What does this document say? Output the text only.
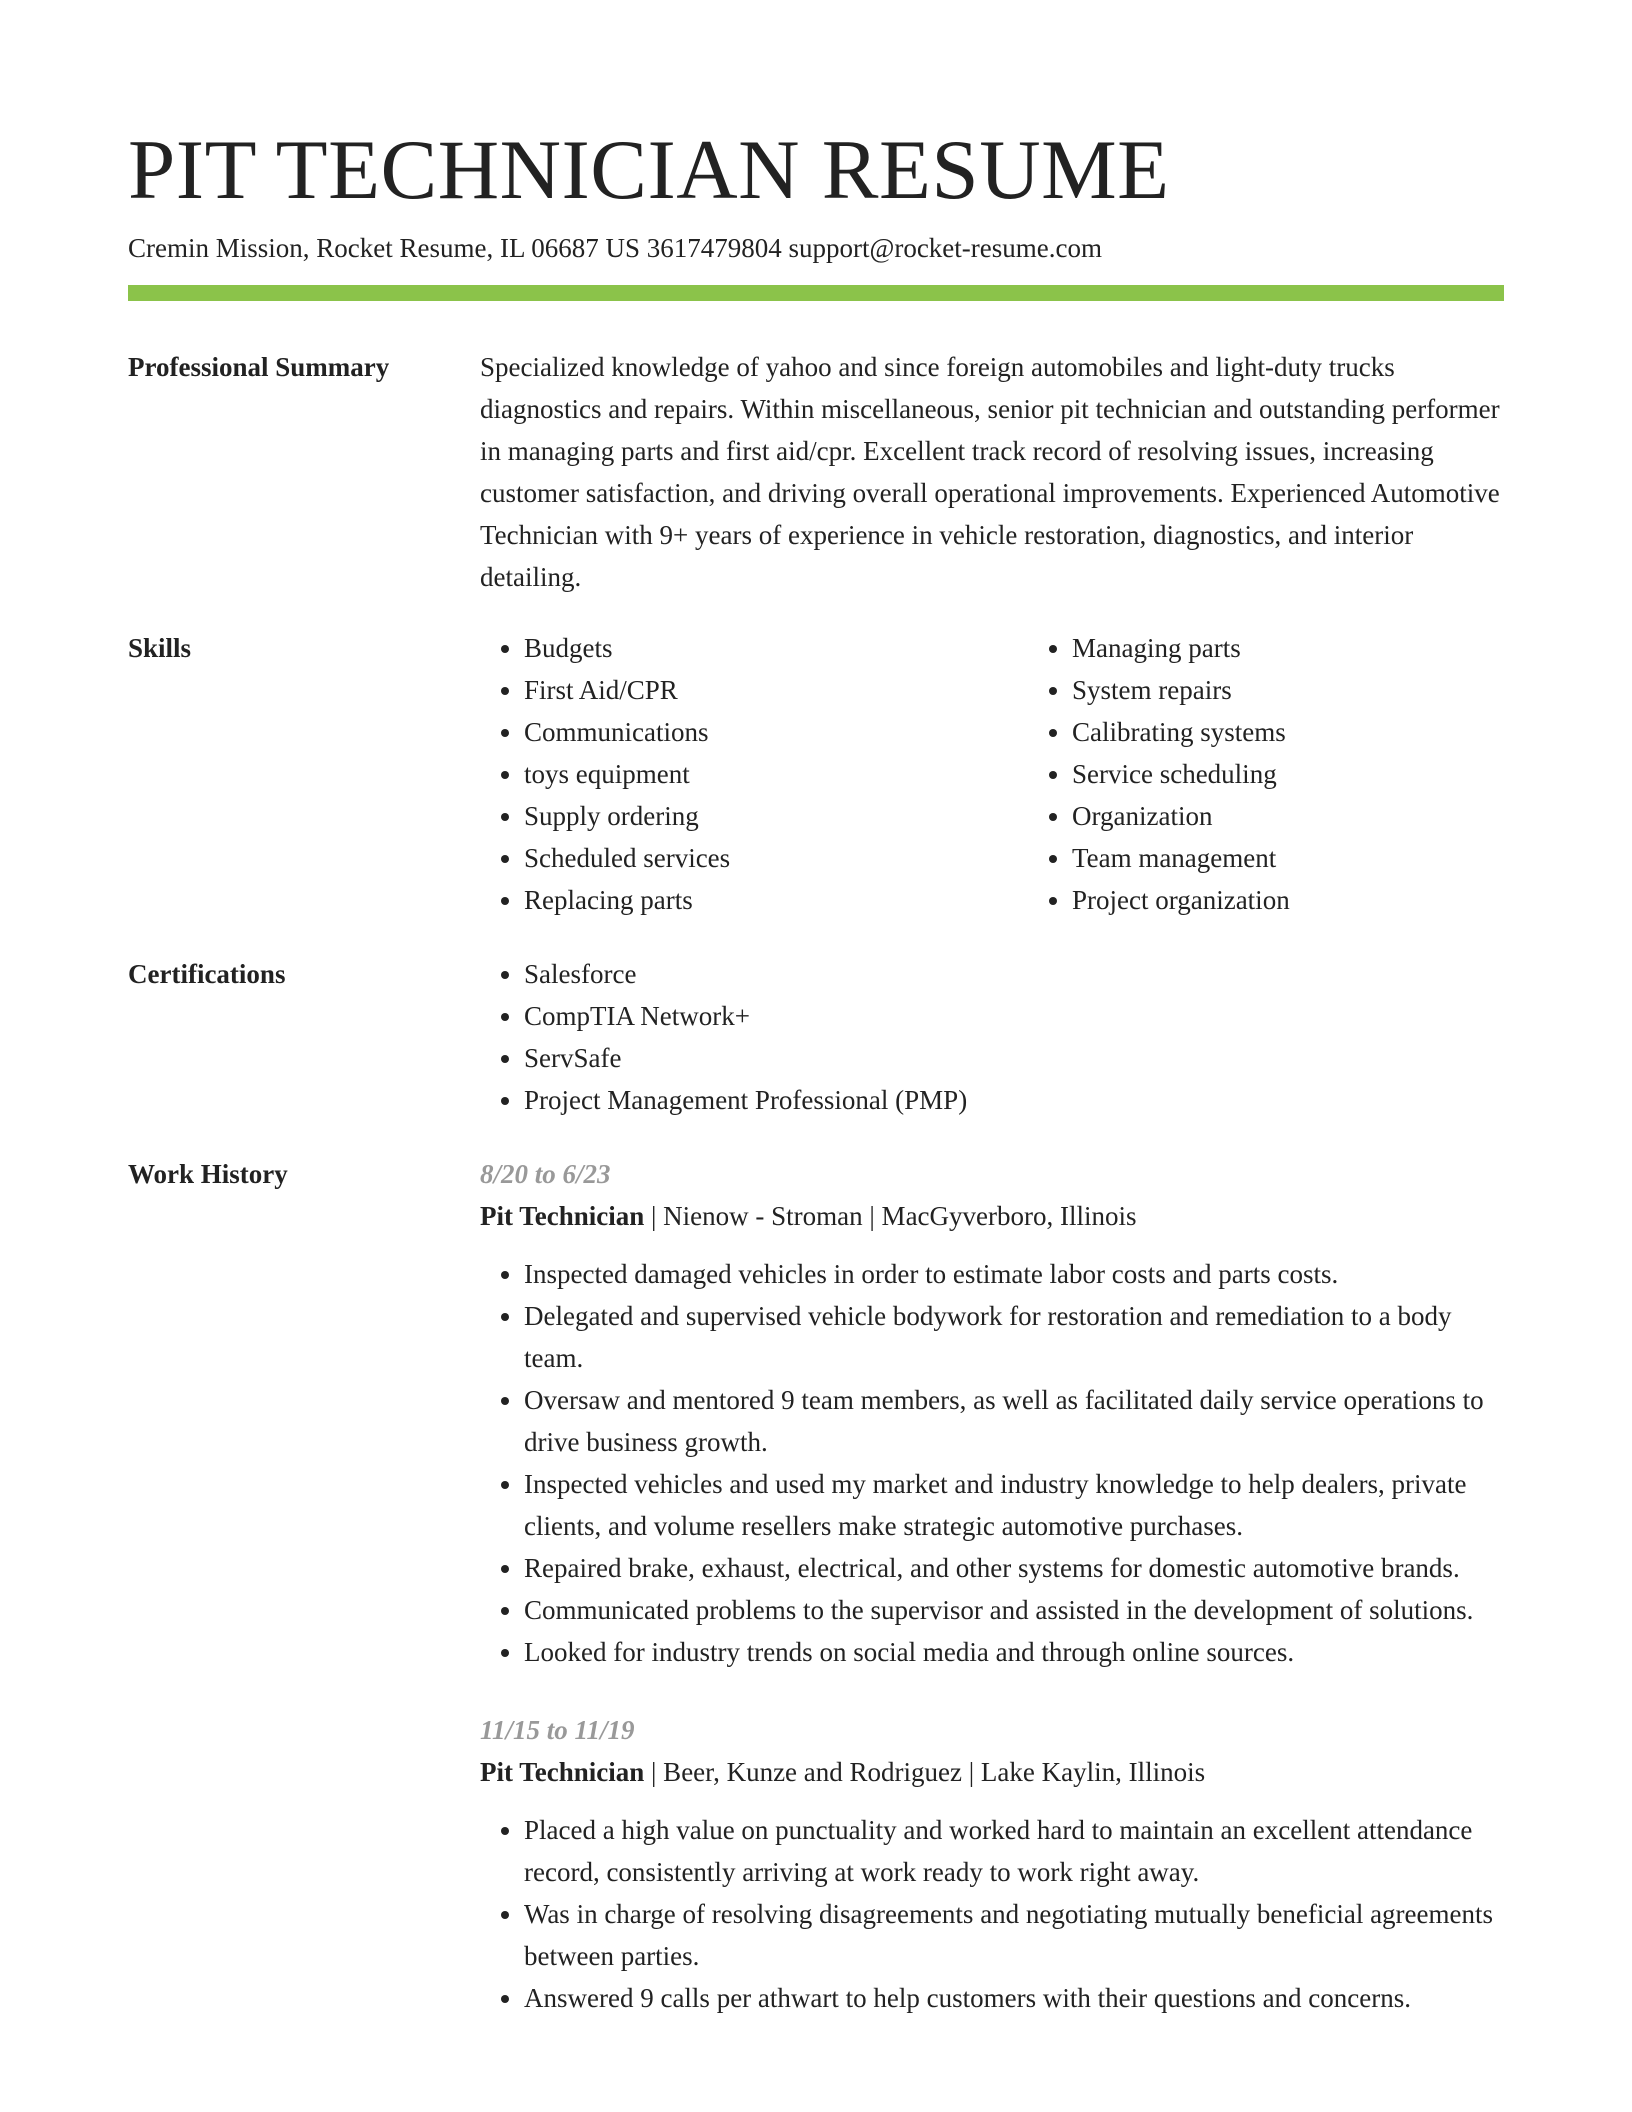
PIT TECHNICIAN RESUME
Cremin Mission, Rocket Resume, IL 06687 US 3617479804 support@rocket-resume.com
Professional Summary	Specialized knowledge of yahoo and since foreign automobiles and light-duty trucks diagnostics and repairs. Within miscellaneous, senior pit technician and outstanding performer in managing parts and first aid/cpr. Excellent track record of resolving issues, increasing customer satisfaction, and driving overall operational improvements. Experienced Automotive Technician with 9+ years of experience in vehicle restoration, diagnostics, and interior detailing.

Skills	• Budgets
• First Aid/CPR
• Communications
• toys equipment
• Supply ordering
• Scheduled services
• Replacing parts
• Managing parts
• System repairs
• Calibrating systems
• Service scheduling
• Organization
• Team management
• Project organization
Certifications	• Salesforce
• CompTIA Network+
• ServSafe
• Project Management Professional (PMP)
Work History	8/20 to 6/23
Pit Technician | Nienow - Stroman | MacGyverboro, Illinois
• Inspected damaged vehicles in order to estimate labor costs and parts costs.
• Delegated and supervised vehicle bodywork for restoration and remediation to a body team.
• Oversaw and mentored 9 team members, as well as facilitated daily service operations to drive business growth.
• Inspected vehicles and used my market and industry knowledge to help dealers, private clients, and volume resellers make strategic automotive purchases.
• Repaired brake, exhaust, electrical, and other systems for domestic automotive brands.
• Communicated problems to the supervisor and assisted in the development of solutions.
• Looked for industry trends on social media and through online sources.
11/15 to 11/19
Pit Technician | Beer, Kunze and Rodriguez | Lake Kaylin, Illinois
• Placed a high value on punctuality and worked hard to maintain an excellent attendance record, consistently arriving at work ready to work right away.
• Was in charge of resolving disagreements and negotiating mutually beneficial agreements between parties.
• Answered 9 calls per athwart to help customers with their questions and concerns.
